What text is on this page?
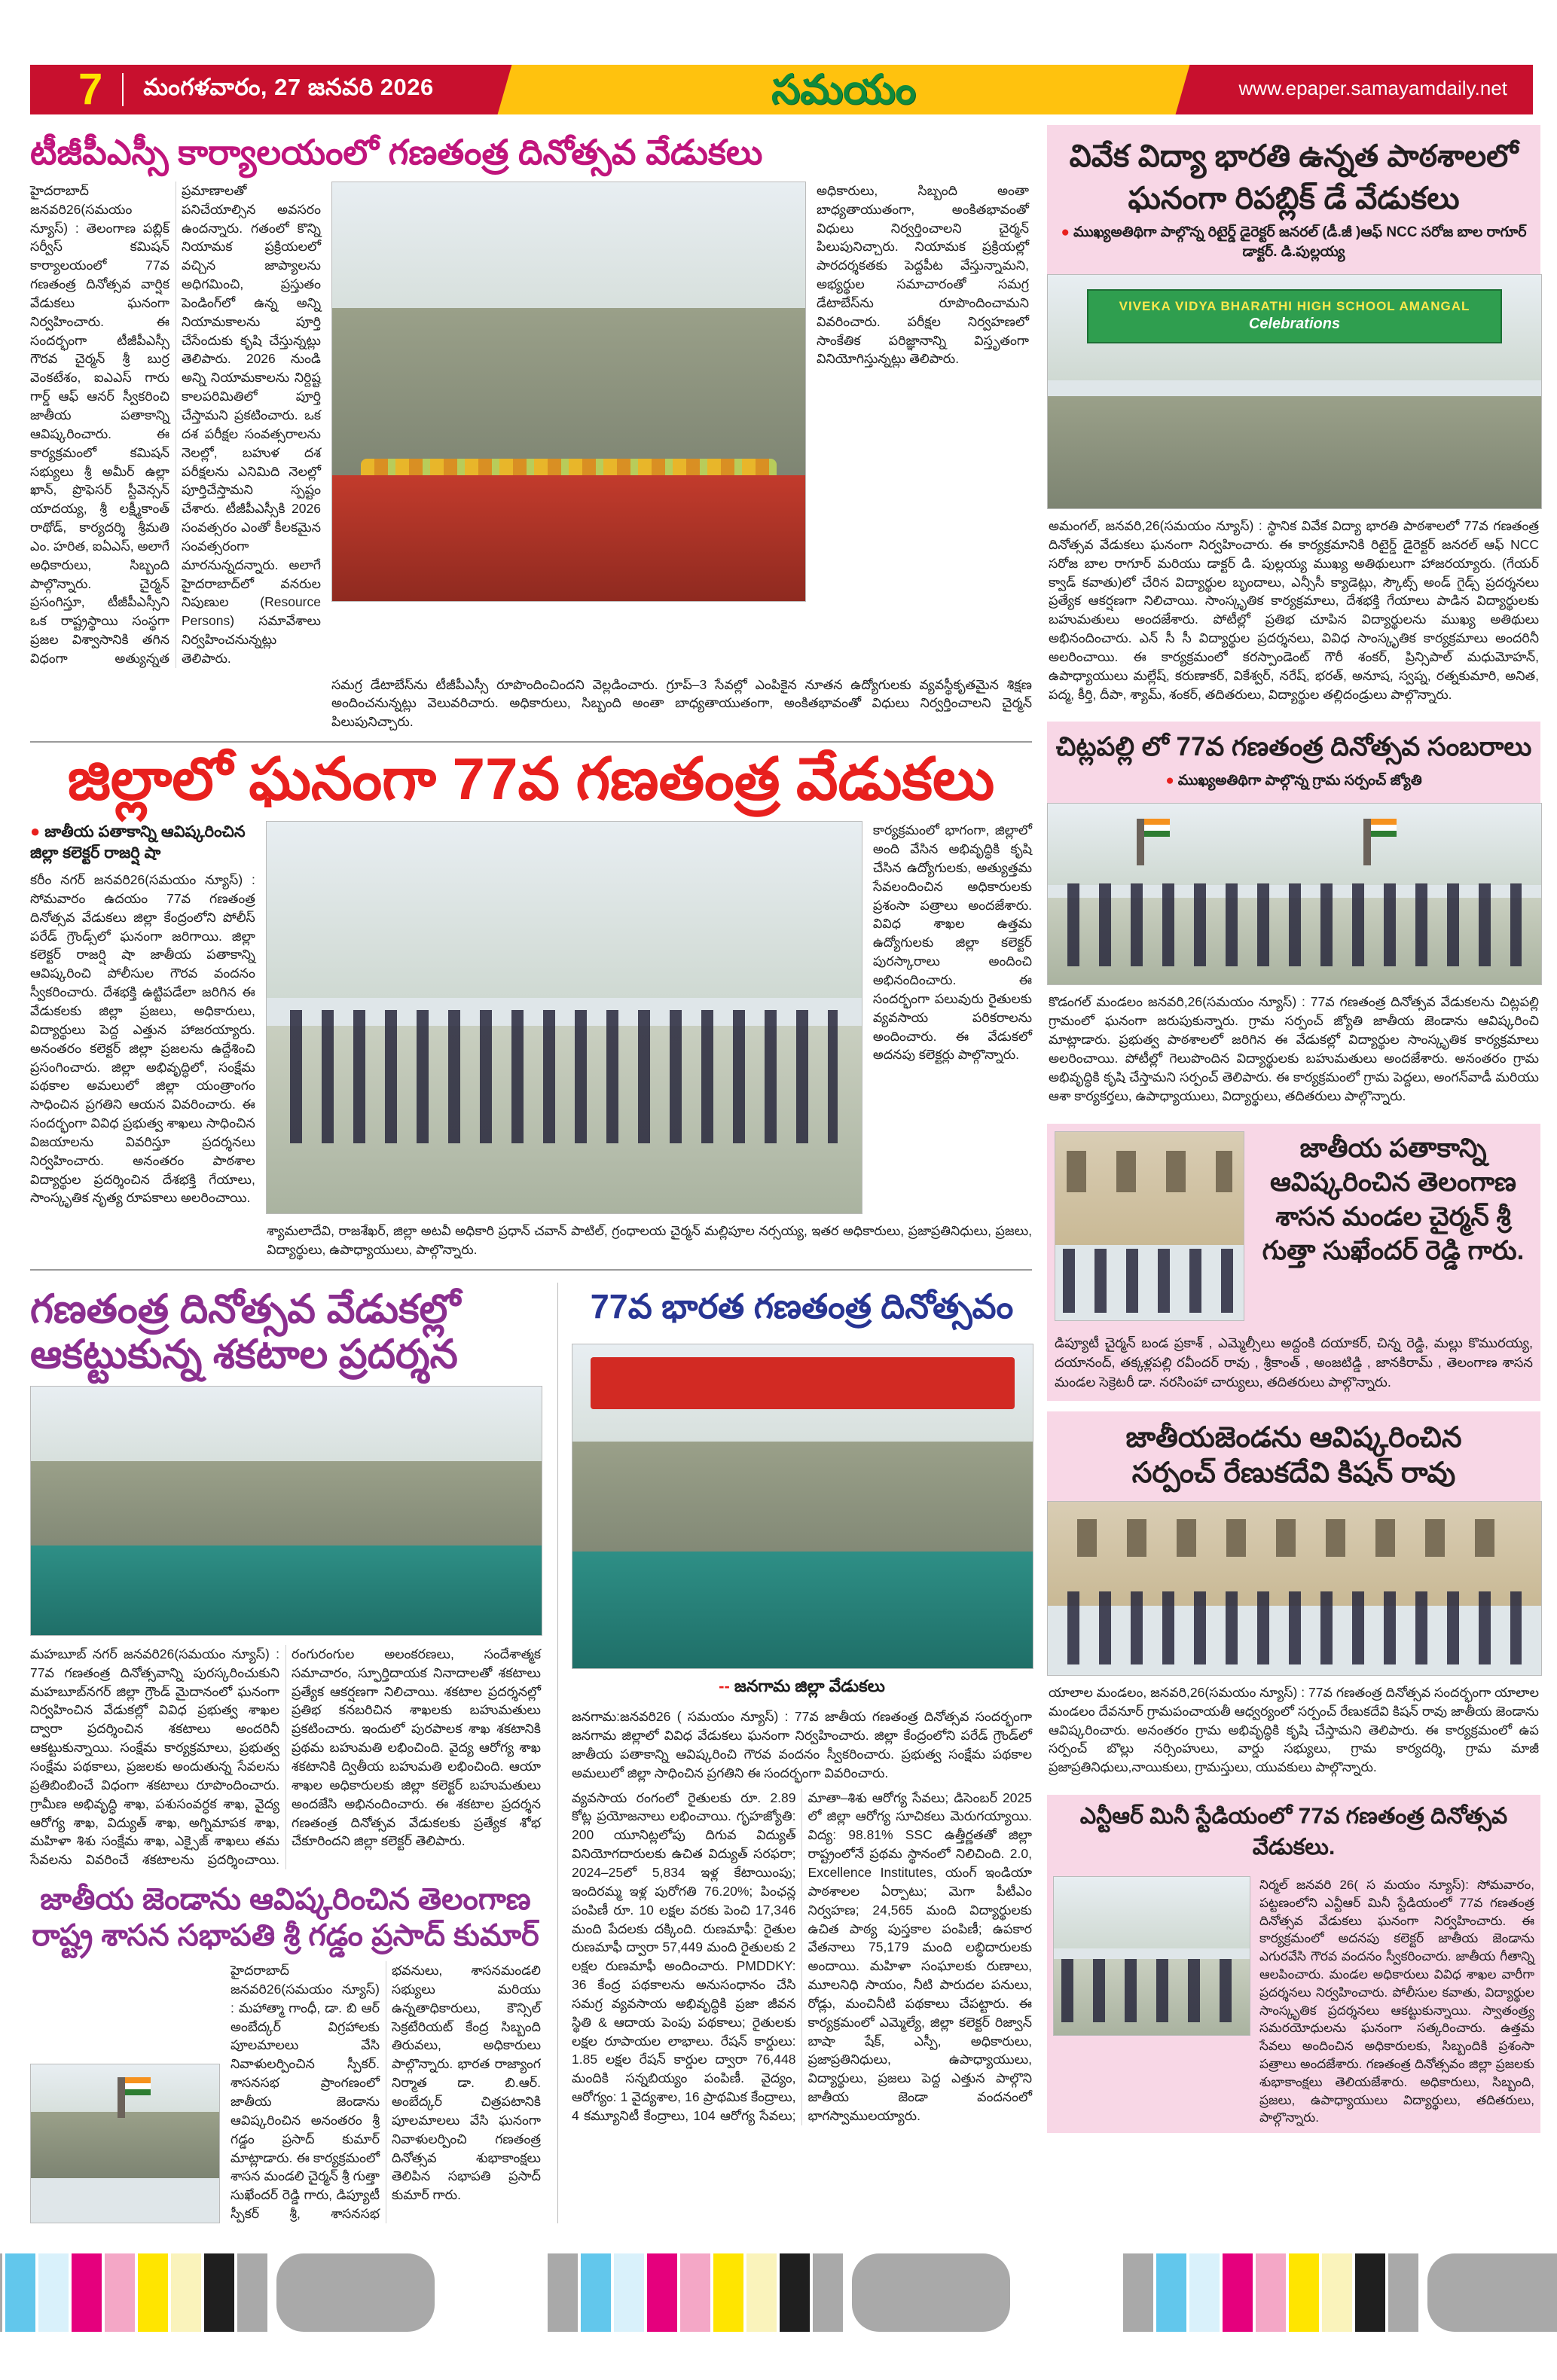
7	మంగళవారం, 27 జనవరి 2026	సమయం	www.epaper.samayamdaily.net
టీజీపీఎస్సీ కార్యాలయంలో గణతంత్ర దినోత్సవ వేడుకలు
హైదరాబాద్ జనవరి26(సమయం న్యూస్) : తెలంగాణ పబ్లిక్ సర్వీస్ కమిషన్ కార్యాలయంలో 77వ గణతంత్ర దినోత్సవ వార్షిక వేడుకలు ఘనంగా నిర్వహించారు. ఈ సందర్భంగా టీజీపీఎస్సీ గౌరవ చైర్మన్ శ్రీ బుర్ర వెంకటేశం, ఐఎఎస్ గారు గార్డ్ ఆఫ్ ఆనర్ స్వీకరించి జాతీయ పతాకాన్ని ఆవిష్కరించారు. ఈ కార్యక్రమంలో కమిషన్ సభ్యులు శ్రీ అమీర్ ఉల్లా ఖాన్, ప్రొఫెసర్ స్టీవెన్సన్ యాదయ్య, శ్రీ లక్ష్మీకాంత్ రాథోడ్, కార్యదర్శి శ్రీమతి ఎం. హరిత, ఐఏఎస్, అలాగే అధికారులు, సిబ్బంది పాల్గొన్నారు. చైర్మన్ ప్రసంగిస్తూ, టీజీపీఎస్సీని ఒక రాష్ట్రస్థాయి సంస్థగా ప్రజల విశ్వాసానికి తగిన విధంగా అత్యున్నత ప్రమాణాలతో పనిచేయాల్సిన అవసరం ఉందన్నారు. గతంలో కొన్ని నియామక ప్రక్రియలలో వచ్చిన జాప్యాలను అధిగమించి, ప్రస్తుతం పెండింగ్‌లో ఉన్న అన్ని నియామకాలను పూర్తి చేసేందుకు కృషి చేస్తున్నట్లు తెలిపారు. 2026 నుండి అన్ని నియామకాలను నిర్దిష్ట కాలపరిమితిలో పూర్తి చేస్తామని ప్రకటించారు. ఒక దశ పరీక్షల సంవత్సరాలను నెలల్లో, బహుళ దశ పరీక్షలను ఎనిమిది నెలల్లో పూర్తిచేస్తామని స్పష్టం చేశారు. టీజీపీఎస్సీకి 2026 సంవత్సరం ఎంతో కీలకమైన సంవత్సరంగా మారనున్నదన్నారు. అలాగే హైదరాబాద్‌లో వనరుల నిపుణుల (Resource Persons) సమావేశాలు నిర్వహించనున్నట్లు తెలిపారు.
అధికారులు, సిబ్బంది అంతా బాధ్యతాయుతంగా, అంకితభావంతో విధులు నిర్వర్తించాలని చైర్మన్ పిలుపునిచ్చారు. నియామక ప్రక్రియల్లో పారదర్శకతకు పెద్దపీట వేస్తున్నామని, అభ్యర్థుల సమాచారంతో సమగ్ర డేటాబేస్‌ను రూపొందించామని వివరించారు. పరీక్షల నిర్వహణలో సాంకేతిక పరిజ్ఞానాన్ని విస్తృతంగా వినియోగిస్తున్నట్లు తెలిపారు.
సమగ్ర డేటాబేస్‌ను టీజీపీఎస్సీ రూపొందించిందని వెల్లడించారు. గ్రూప్‌–3 సేవల్లో ఎంపికైన నూతన ఉద్యోగులకు వ్యవస్థీకృతమైన శిక్షణ అందించనున్నట్లు వెలువరిచారు. అధికారులు, సిబ్బంది అంతా బాధ్యతాయుతంగా, అంకితభావంతో విధులు నిర్వర్తించాలని చైర్మన్ పిలుపునిచ్చారు.
జిల్లాలో ఘనంగా 77వ గణతంత్ర వేడుకలు
● జాతీయ పతాకాన్ని ఆవిష్కరించిన జిల్లా కలెక్టర్ రాజర్షి షా
కరీం నగర్ జనవరి26(సమయం న్యూస్) : సోమవారం ఉదయం 77వ గణతంత్ర దినోత్సవ వేడుకలు జిల్లా కేంద్రంలోని పోలీస్ పరేడ్ గ్రౌండ్స్‌లో ఘనంగా జరిగాయి. జిల్లా కలెక్టర్ రాజర్షి షా జాతీయ పతాకాన్ని ఆవిష్కరించి పోలీసుల గౌరవ వందనం స్వీకరించారు. దేశభక్తి ఉట్టిపడేలా జరిగిన ఈ వేడుకలకు జిల్లా ప్రజలు, అధికారులు, విద్యార్థులు పెద్ద ఎత్తున హాజరయ్యారు. అనంతరం కలెక్టర్ జిల్లా ప్రజలను ఉద్దేశించి ప్రసంగించారు. జిల్లా అభివృద్ధిలో, సంక్షేమ పథకాల అమలులో జిల్లా యంత్రాంగం సాధించిన ప్రగతిని ఆయన వివరించారు. ఈ సందర్భంగా వివిధ ప్రభుత్వ శాఖలు సాధించిన విజయాలను వివరిస్తూ ప్రదర్శనలు నిర్వహించారు. అనంతరం పాఠశాల విద్యార్థుల ప్రదర్శించిన దేశభక్తి గేయాలు, సాంస్కృతిక నృత్య రూపకాలు అలరించాయి.
కార్యక్రమంలో భాగంగా, జిల్లాలో అంది వేసిన అభివృద్ధికి కృషి చేసిన ఉద్యోగులకు, అత్యుత్తమ సేవలందించిన అధికారులకు ప్రశంసా పత్రాలు అందజేశారు. వివిధ శాఖల ఉత్తమ ఉద్యోగులకు జిల్లా కలెక్టర్ పురస్కారాలు అందించి అభినందించారు. ఈ సందర్భంగా పలువురు రైతులకు వ్యవసాయ పరికరాలను అందించారు. ఈ వేడుకలో అదనపు కలెక్టర్లు పాల్గొన్నారు.
శ్యామలాదేవి, రాజశేఖర్, జిల్లా అటవీ అధికారి ప్రధాన్ చవాన్ పాటిల్, గ్రంధాలయ చైర్మన్ మల్లిపూల నర్సయ్య, ఇతర అధికారులు, ప్రజాప్రతినిధులు, ప్రజలు, విద్యార్థులు, ఉపాధ్యాయులు, పాల్గొన్నారు.
గణతంత్ర దినోత్సవ వేడుకల్లో ఆకట్టుకున్న శకటాల ప్రదర్శన
మహబూబ్ నగర్ జనవరి26(సమయం న్యూస్) : 77వ గణతంత్ర దినోత్సవాన్ని పురస్కరించుకుని మహబూబ్‌నగర్ జిల్లా గ్రౌండ్ మైదానంలో ఘనంగా నిర్వహించిన వేడుకల్లో వివిధ ప్రభుత్వ శాఖల ద్వారా ప్రదర్శించిన శకటాలు అందరినీ ఆకట్టుకున్నాయి. సంక్షేమ కార్యక్రమాలు, ప్రభుత్వ సంక్షేమ పథకాలు, ప్రజలకు అందుతున్న సేవలను ప్రతిబింబించే విధంగా శకటాలు రూపొందించారు. గ్రామీణ అభివృద్ధి శాఖ, పశుసంవర్ధక శాఖ, వైద్య ఆరోగ్య శాఖ, విద్యుత్ శాఖ, అగ్నిమాపక శాఖ, మహిళా శిశు సంక్షేమ శాఖ, ఎక్సైజ్ శాఖలు తమ సేవలను వివరించే శకటాలను ప్రదర్శించాయి. రంగురంగుల అలంకరణలు, సందేశాత్మక సమాచారం, స్ఫూర్తిదాయక నినాదాలతో శకటాలు ప్రత్యేక ఆకర్షణగా నిలిచాయి. శకటాల ప్రదర్శనల్లో ప్రతిభ కనబరిచిన శాఖలకు బహుమతులు ప్రకటించారు. ఇందులో పురపాలక శాఖ శకటానికి ప్రథమ బహుమతి లభించింది. వైద్య ఆరోగ్య శాఖ శకటానికి ద్వితీయ బహుమతి లభించింది. ఆయా శాఖల అధికారులకు జిల్లా కలెక్టర్ బహుమతులు అందజేసి అభినందించారు. ఈ శకటాల ప్రదర్శన గణతంత్ర దినోత్సవ వేడుకలకు ప్రత్యేక శోభ చేకూరిందని జిల్లా కలెక్టర్ తెలిపారు.
జాతీయ జెండాను ఆవిష్కరించిన తెలంగాణ రాష్ట్ర శాసన సభాపతి శ్రీ గడ్డం ప్రసాద్ కుమార్
హైదరాబాద్ జనవరి26(సమయం న్యూస్) : మహాత్మా గాంధీ, డా. బి ఆర్ అంబేద్కర్ విగ్రహాలకు పూలమాలలు వేసి నివాళులర్పించిన స్పీకర్. శాసనసభ ప్రాంగణంలో జాతీయ జెండాను ఆవిష్కరించిన అనంతరం శ్రీ గడ్డం ప్రసాద్ కుమార్ మాట్లాడారు. ఈ కార్యక్రమంలో శాసన మండలి చైర్మన్ శ్రీ గుత్తా సుఖేందర్ రెడ్డి గారు, డిప్యూటీ స్పీకర్ శ్రీ, శాసనసభ భవనులు, శాసనమండలి సభ్యులు మరియు ఉన్నతాధికారులు, కౌన్సిల్ సెక్రటేరియట్ కేంద్ర సిబ్బంది తిరువలు, అధికారులు పాల్గొన్నారు. భారత రాజ్యాంగ నిర్మాత డా. బి.ఆర్. అంబేద్కర్ చిత్రపటానికి పూలమాలలు వేసి ఘనంగా నివాళులర్పించి గణతంత్ర దినోత్సవ శుభాకాంక్షలు తెలిపిన సభాపతి ప్రసాద్ కుమార్ గారు.
77వ భారత గణతంత్ర దినోత్సవం
-- జనగామ జిల్లా వేడుకలు
జనగామ:జనవరి26 ( సమయం న్యూస్) : 77వ జాతీయ గణతంత్ర దినోత్సవ సందర్భంగా జనగామ జిల్లాలో వివిధ వేడుకలు ఘనంగా నిర్వహించారు. జిల్లా కేంద్రంలోని పరేడ్ గ్రౌండ్‌లో జాతీయ పతాకాన్ని ఆవిష్కరించి గౌరవ వందనం స్వీకరించారు. ప్రభుత్వ సంక్షేమ పథకాల అమలులో జిల్లా సాధించిన ప్రగతిని ఈ సందర్భంగా వివరించారు.
వ్యవసాయ రంగంలో రైతులకు రూ. 2.89 కోట్ల ప్రయోజనాలు లభించాయి. గృహజ్యోతి: 200 యూనిట్లలోపు దిగువ విద్యుత్ వినియోగదారులకు ఉచిత విద్యుత్ సరఫరా; 2024–25లో 5,834 ఇళ్ల కేటాయింపు; ఇందిరమ్మ ఇళ్ల పురోగతి 76.20%; పింఛన్ల పంపిణీ రూ. 10 లక్షల వరకు పెంచి 17,346 మంది పేదలకు దక్కింది. రుణమాఫీ: రైతుల రుణమాఫీ ద్వారా 57,449 మంది రైతులకు 2 లక్షల రుణమాఫీ అందించారు. PMDDKY: 36 కేంద్ర పథకాలను అనుసంధానం చేసి సమగ్ర వ్యవసాయ అభివృద్ధికి ప్రజా జీవన స్థితి & ఆదాయ పెంపు పథకాలు; రైతులకు లక్షల రూపాయల లాభాలు. రేషన్ కార్డులు: 1.85 లక్షల రేషన్ కార్డుల ద్వారా 76,448 మందికి సన్నబియ్యం పంపిణీ. వైద్యం, ఆరోగ్యం: 1 వైద్యశాల, 16 ప్రాథమిక కేంద్రాలు, 4 కమ్యూనిటీ కేంద్రాలు, 104 ఆరోగ్య సేవలు; మాతా–శిశు ఆరోగ్య సేవలు; డిసెంబర్ 2025 లో జిల్లా ఆరోగ్య సూచికలు మెరుగయ్యాయి. విద్య: 98.81% SSC ఉత్తీర్ణతతో జిల్లా రాష్ట్రంలోనే ప్రథమ స్థానంలో నిలిచింది. 2.0, Excellence Institutes, యంగ్ ఇండియా పాఠశాలల ఏర్పాటు; మెగా పీటీఎం నిర్వహణ; 24,565 మంది విద్యార్థులకు ఉచిత పాఠ్య పుస్తకాల పంపిణీ; ఉపకార వేతనాలు 75,179 మంది లబ్ధిదారులకు అందాయి. మహిళా సంఘాలకు రుణాలు, మూలనిధి సాయం, నీటి పారుదల పనులు, రోడ్లు, మంచినీటి పథకాలు చేపట్టారు. ఈ కార్యక్రమంలో ఎమ్మెల్యే, జిల్లా కలెక్టర్ రిజ్వాన్ బాషా షేక్, ఎస్పీ, అధికారులు, ప్రజాప్రతినిధులు, ఉపాధ్యాయులు, విద్యార్థులు, ప్రజలు పెద్ద ఎత్తున పాల్గొని జాతీయ జెండా వందనంలో భాగస్వాములయ్యారు.
వివేక విద్యా భారతి ఉన్నత పాఠశాలలో
ఘనంగా రిపబ్లిక్ డే వేడుకలు
● ముఖ్యఅతిథిగా పాల్గొన్న రిటైర్డ్ డైరెక్టర్ జనరల్ (డీ.జీ )ఆఫ్ NCC సరోజ బాల రాగూర్ డాక్టర్. డి.పుల్లయ్య
VIVEKA VIDYA BHARATHI HIGH SCHOOL AMANGAL
Celebrations
అమంగల్, జనవరి,26(సమయం న్యూస్) : స్థానిక వివేక విద్యా భారతి పాఠశాలలో 77వ గణతంత్ర దినోత్సవ వేడుకలు ఘనంగా నిర్వహించారు. ఈ కార్యక్రమానికి రిటైర్డ్ డైరెక్టర్ జనరల్ ఆఫ్ NCC సరోజ బాల రాగూర్ మరియు డాక్టర్ డి. పుల్లయ్య ముఖ్య అతిథులుగా హాజరయ్యారు. (గేయర్ క్వాడ్ కవాతు)లో చేరిన విద్యార్థుల బృందాలు, ఎన్సీసీ క్యాడెట్లు, స్కౌట్స్ అండ్ గైడ్స్ ప్రదర్శనలు ప్రత్యేక ఆకర్షణగా నిలిచాయి. సాంస్కృతిక కార్యక్రమాలు, దేశభక్తి గేయాలు పాడిన విద్యార్థులకు బహుమతులు అందజేశారు. పోటీల్లో ప్రతిభ చూపిన విద్యార్థులను ముఖ్య అతిథులు అభినందించారు. ఎన్ సీ సీ విద్యార్థుల ప్రదర్శనలు, వివిధ సాంస్కృతిక కార్యక్రమాలు అందరినీ అలరించాయి. ఈ కార్యక్రమంలో కరస్పాండెంట్ గౌరీ శంకర్, ప్రిన్సిపాల్ మధుమోహన్, ఉపాధ్యాయులు మల్లేష్, కరుణాకర్, వికేశ్వర్, నరేష్, భరత్, అనూష, స్వప్న, రత్నకుమారి, అనిత, పద్మ, కీర్తి, దీపా, శ్యామ్, శంకర్, తదితరులు, విద్యార్థుల తల్లిదండ్రులు పాల్గొన్నారు.
చిట్లపల్లి లో 77వ గణతంత్ర దినోత్సవ సంబరాలు
● ముఖ్యఅతిథిగా పాల్గొన్న గ్రామ సర్పంచ్ జ్యోతి
కొడంగల్ మండలం జనవరి,26(సమయం న్యూస్) : 77వ గణతంత్ర దినోత్సవ వేడుకలను చిట్లపల్లి గ్రామంలో ఘనంగా జరుపుకున్నారు. గ్రామ సర్పంచ్ జ్యోతి జాతీయ జెండాను ఆవిష్కరించి మాట్లాడారు. ప్రభుత్వ పాఠశాలలో జరిగిన ఈ వేడుకల్లో విద్యార్థుల సాంస్కృతిక కార్యక్రమాలు అలరించాయి. పోటీల్లో గెలుపొందిన విద్యార్థులకు బహుమతులు అందజేశారు. అనంతరం గ్రామ అభివృద్ధికి కృషి చేస్తామని సర్పంచ్ తెలిపారు. ఈ కార్యక్రమంలో గ్రామ పెద్దలు, అంగన్‌వాడీ మరియు ఆశా కార్యకర్తలు, ఉపాధ్యాయులు, విద్యార్థులు, తదితరులు పాల్గొన్నారు.
జాతీయ పతాకాన్ని ఆవిష్కరించిన తెలంగాణ శాసన మండల చైర్మన్ శ్రీ గుత్తా సుఖేందర్ రెడ్డి గారు.
డిప్యూటీ చైర్మన్ బండ ప్రకాశ్ , ఎమ్మెల్సీలు అద్దంకి దయాకర్, చిన్న రెడ్డి, మల్లు కొమురయ్య, దయానంద్, తక్కళ్లపల్లి రవీందర్ రావు , శ్రీకాంత్ , అంజటిడ్డి , జానకిరామ్ , తెలంగాణ శాసన మండల సెక్రెటరీ డా. నరసింహా చార్యులు, తదితరులు పాల్గొన్నారు.
జాతీయజెండను ఆవిష్కరించిన
సర్పంచ్ రేణుకదేవి కిషన్ రావు
యాలాల మండలం, జనవరి,26(సమయం న్యూస్) : 77వ గణతంత్ర దినోత్సవ సందర్భంగా యాలాల మండలం దేవనూర్ గ్రామపంచాయతీ ఆధ్వర్యంలో సర్పంచ్ రేణుకదేవి కిషన్ రావు జాతీయ జెండాను ఆవిష్కరించారు. అనంతరం గ్రామ అభివృద్ధికి కృషి చేస్తామని తెలిపారు. ఈ కార్యక్రమంలో ఉప సర్పంచ్ బొల్లు నర్సింహులు, వార్డు సభ్యులు, గ్రామ కార్యదర్శి, గ్రామ మాజీ ప్రజాప్రతినిధులు,నాయికులు, గ్రామస్తులు, యువకులు పాల్గొన్నారు.
ఎన్టీఆర్ మినీ స్టేడియంలో 77వ గణతంత్ర దినోత్సవ వేడుకలు.
నిర్మల్ జనవరి 26( స మయం న్యూస్): సోమవారం, పట్టణంలోని ఎన్టీఆర్ మినీ స్టేడియంలో 77వ గణతంత్ర దినోత్సవ వేడుకలు ఘనంగా నిర్వహించారు. ఈ కార్యక్రమంలో అదనపు కలెక్టర్ జాతీయ జెండాను ఎగురవేసి గౌరవ వందనం స్వీకరించారు. జాతీయ గీతాన్ని ఆలపించారు. మండల అధికారులు వివిధ శాఖల వారీగా ప్రదర్శనలు నిర్వహించారు. పోలీసుల కవాతు, విద్యార్థుల సాంస్కృతిక ప్రదర్శనలు ఆకట్టుకున్నాయి. స్వాతంత్ర్య సమరయోధులను ఘనంగా సత్కరించారు. ఉత్తమ సేవలు అందించిన అధికారులకు, సిబ్బందికి ప్రశంసా పత్రాలు అందజేశారు. గణతంత్ర దినోత్సవం జిల్లా ప్రజలకు శుభాకాంక్షలు తెలియజేశారు. అధికారులు, సిబ్బంది, ప్రజలు, ఉపాధ్యాయులు విద్యార్థులు, తదితరులు, పాల్గొన్నారు.
